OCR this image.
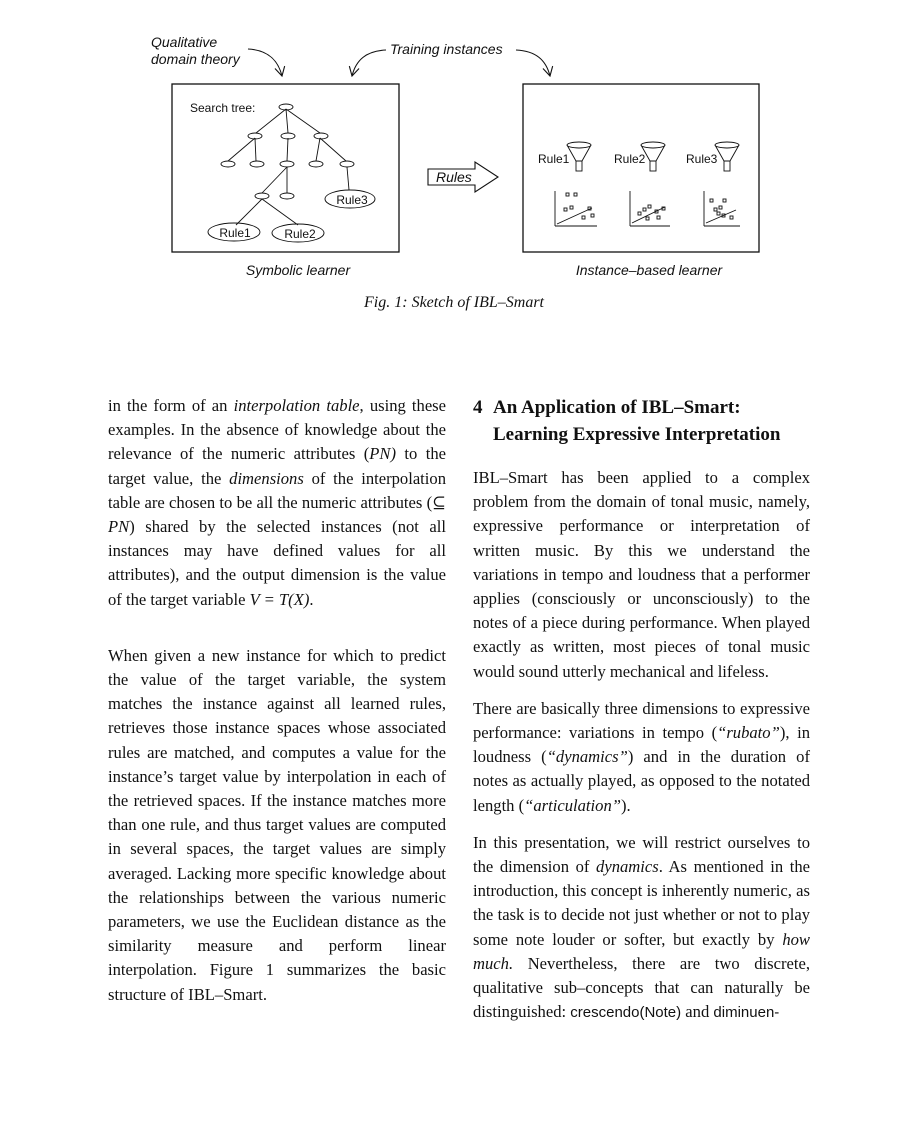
Qualitative
domain theory
Training instances
Search tree:
Rule3
Rule1	Rule2
Rules
Rule1	Rule2	Rule3
Symbolic learner	Instance–based learner
Fig. 1: Sketch of IBL–Smart

in the form of an interpolation table, using these examples. In the absence of knowledge about the relevance of the numeric attributes (PN) to the target value, the dimensions of the interpolation table are chosen to be all the numeric attributes (⊆ PN) shared by the selected instances (not all instances may have defined values for all attributes), and the output dimension is the value of the target variable V = T(X).

When given a new instance for which to predict the value of the target variable, the system matches the instance against all learned rules, retrieves those instance spaces whose associated rules are matched, and computes a value for the instance’s target value by interpolation in each of the retrieved spaces. If the instance matches more than one rule, and thus target values are computed in several spaces, the target values are simply averaged. Lacking more specific knowledge about the relationships between the various numeric parameters, we use the Euclidean distance as the similarity measure and perform linear interpolation. Figure 1 summarizes the basic structure of IBL–Smart.

4 An Application of IBL–Smart: Learning Expressive Interpretation

IBL–Smart has been applied to a complex problem from the domain of tonal music, namely, expressive performance or interpretation of written music. By this we understand the variations in tempo and loudness that a performer applies (consciously or unconsciously) to the notes of a piece during performance. When played exactly as written, most pieces of tonal music would sound utterly mechanical and lifeless.

There are basically three dimensions to expressive performance: variations in tempo (“rubato”), in loudness (“dynamics”) and in the duration of notes as actually played, as opposed to the notated length (“articulation”).

In this presentation, we will restrict ourselves to the dimension of dynamics. As mentioned in the introduction, this concept is inherently numeric, as the task is to decide not just whether or not to play some note louder or softer, but exactly by how much. Nevertheless, there are two discrete, qualitative sub–concepts that can naturally be distinguished: crescendo(Note) and diminuen-
